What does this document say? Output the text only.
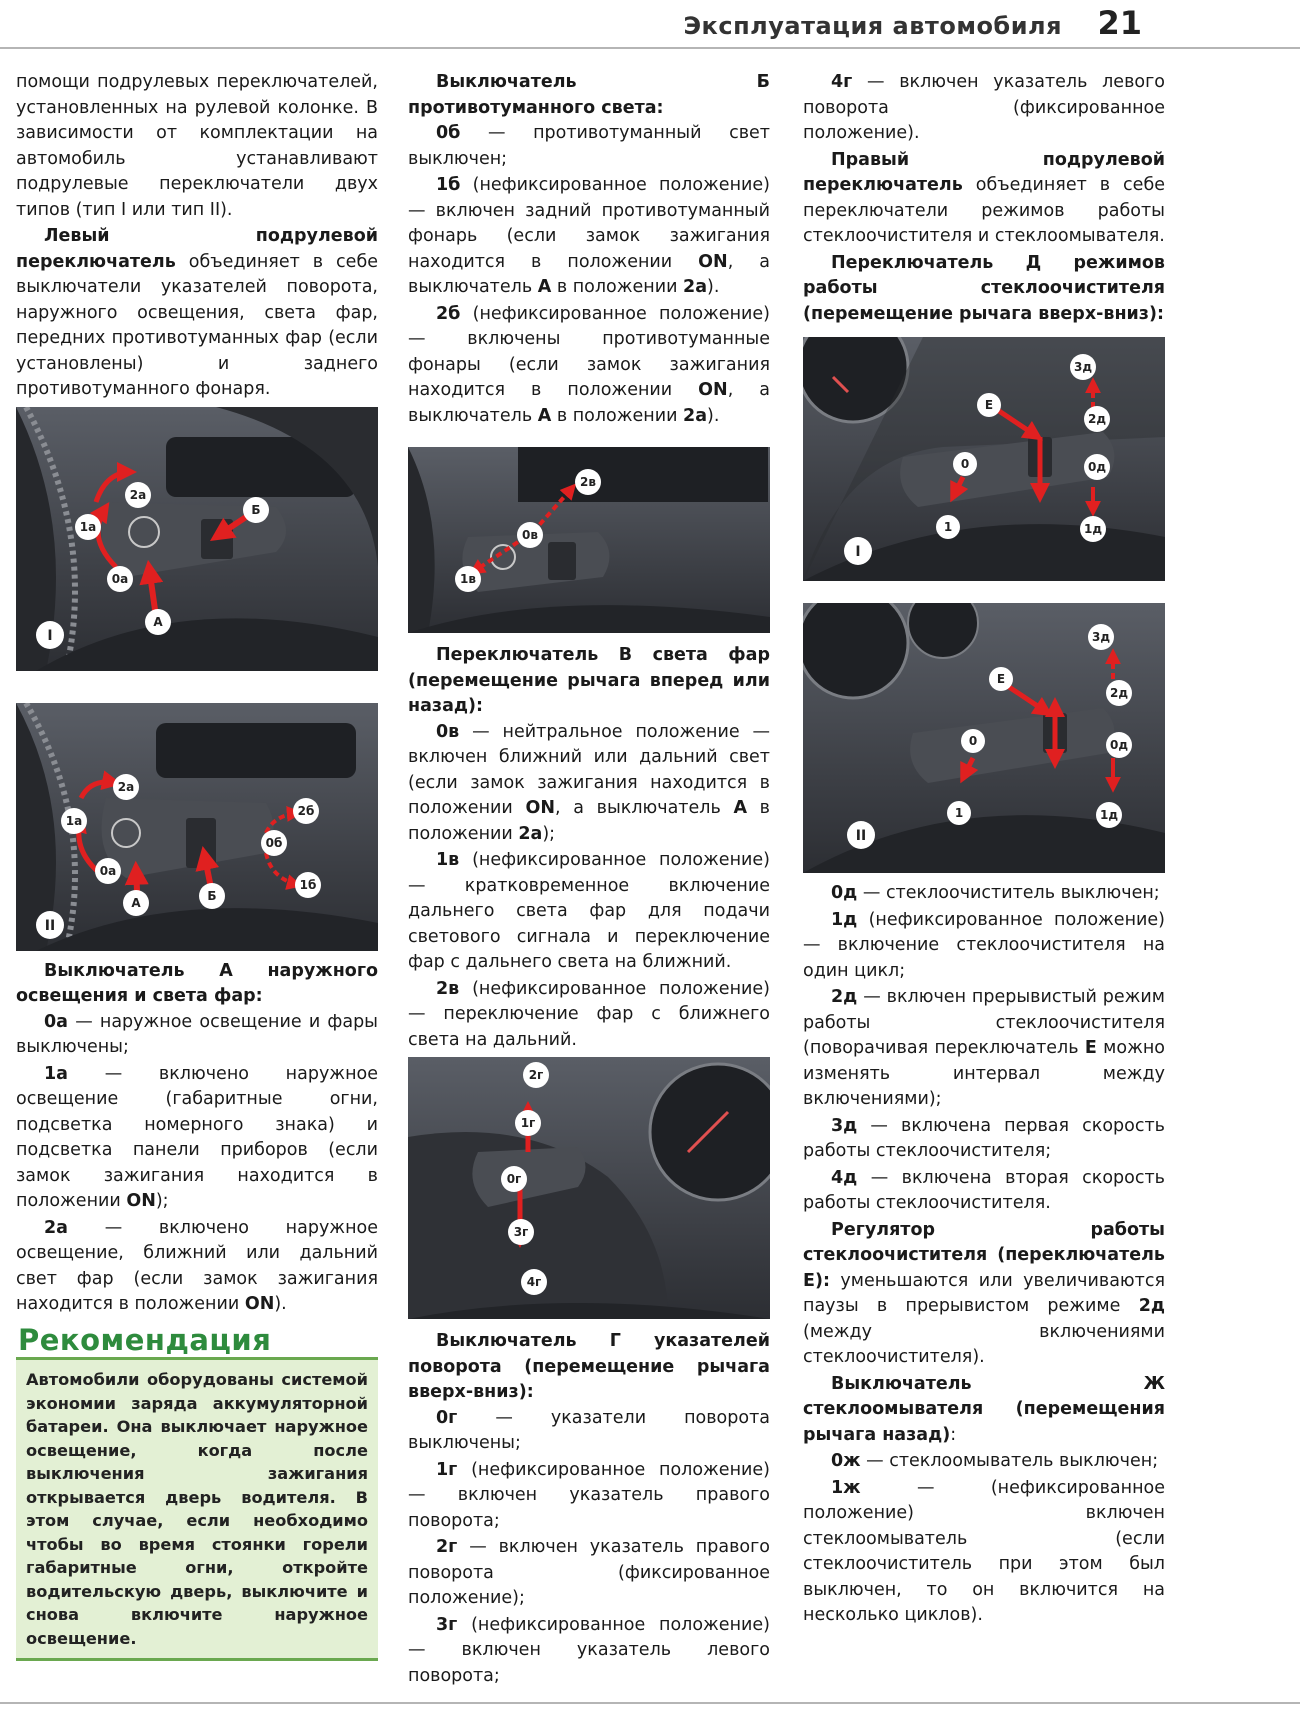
Эксплуатация автомобиля 21

помощи подрулевых переключателей, установленных на рулевой колонке. В зависимости от комплектации на автомобиль устанавливают подрулевые переключатели двух типов (тип I или тип II).

Левый подрулевой переключатель объединяет в себе выключатели указателей поворота, наружного освещения, света фар, передних противотуманных фар (если установлены) и заднего противотуманного фонаря.

2а
1а
0а
А
Б
I
2а
1а
0а
А	Б
2б
0б
1б
II

Выключатель А наружного освещения и света фар:

0а — наружное освещение и фары выключены;

1а — включено наружное освещение (габаритные огни, подсветка номерного знака) и подсветка панели приборов (если замок зажигания находится в положении ON);

2а — включено наружное освещение, ближний или дальний свет фар (если замок зажигания находится в положении ON).

Рекомендация
Автомобили оборудованы системой экономии заряда аккумуляторной батареи. Она выключает наружное освещение, когда после выключения зажигания открывается дверь водителя. В этом случае, если необходимо чтобы во время стоянки горели габаритные огни, откройте водительскую дверь, выключите и снова включите наружное освещение.

Выключатель Б противотуманного света:

0б — противотуманный свет выключен;

1б (нефиксированное положение) — включен задний противотуманный фонарь (если замок зажигания находится в положении ON, а выключатель А в положении 2а).

2б (нефиксированное положение) — включены противотуманные фонары (если замок зажигания находится в положении ON, а выключатель А в положении 2а).

2в
0в
1в

Переключатель В света фар (перемещение рычага вперед или назад):

0в — нейтральное положение — включен ближний или дальний свет (если замок зажигания находится в положении ON, а выключатель А в положении 2а);

1в (нефиксированное положение) — кратковременное включение дальнего света фар для подачи светового сигнала и переключение фар с дальнего света на ближний.

2в (нефиксированное положение) — переключение фар с ближнего света на дальний.

2г
1г
0г
3г
4г

Выключатель Г указателей поворота (перемещение рычага вверх-вниз):

0г — указатели поворота выключены;

1г (нефиксированное положение) — включен указатель правого поворота;

2г — включен указатель правого поворота (фиксированное положение);

3г (нефиксированное положение) — включен указатель левого поворота;

4г — включен указатель левого поворота (фиксированное положение).

Правый подрулевой переключатель объединяет в себе переключатели режимов работы стеклоочистителя и стеклоомывателя.

Переключатель Д режимов работы стеклоочистителя (перемещение рычага вверх-вниз):

3д
Е
2д
0	0д
1	1д
I
3д
Е
2д
0	0д
1	1д
II

0д — стеклоочиститель выключен;

1д (нефиксированное положение) — включение стеклоочистителя на один цикл;

2д — включен прерывистый режим работы стеклоочистителя (поворачивая переключатель Е можно изменять интервал между включениями);

3д — включена первая скорость работы стеклоочистителя;

4д — включена вторая скорость работы стеклоочистителя.

Регулятор работы стеклоочистителя (переключатель Е): уменьшаются или увеличиваются паузы в прерывистом режиме 2д (между включениями стеклоочистителя).

Выключатель Ж стеклоомывателя (перемещения рычага назад):

0ж — стеклоомыватель выключен;

1ж — (нефиксированное положение) включен стеклоомыватель (если стеклоочиститель при этом был выключен, то он включится на несколько циклов).
